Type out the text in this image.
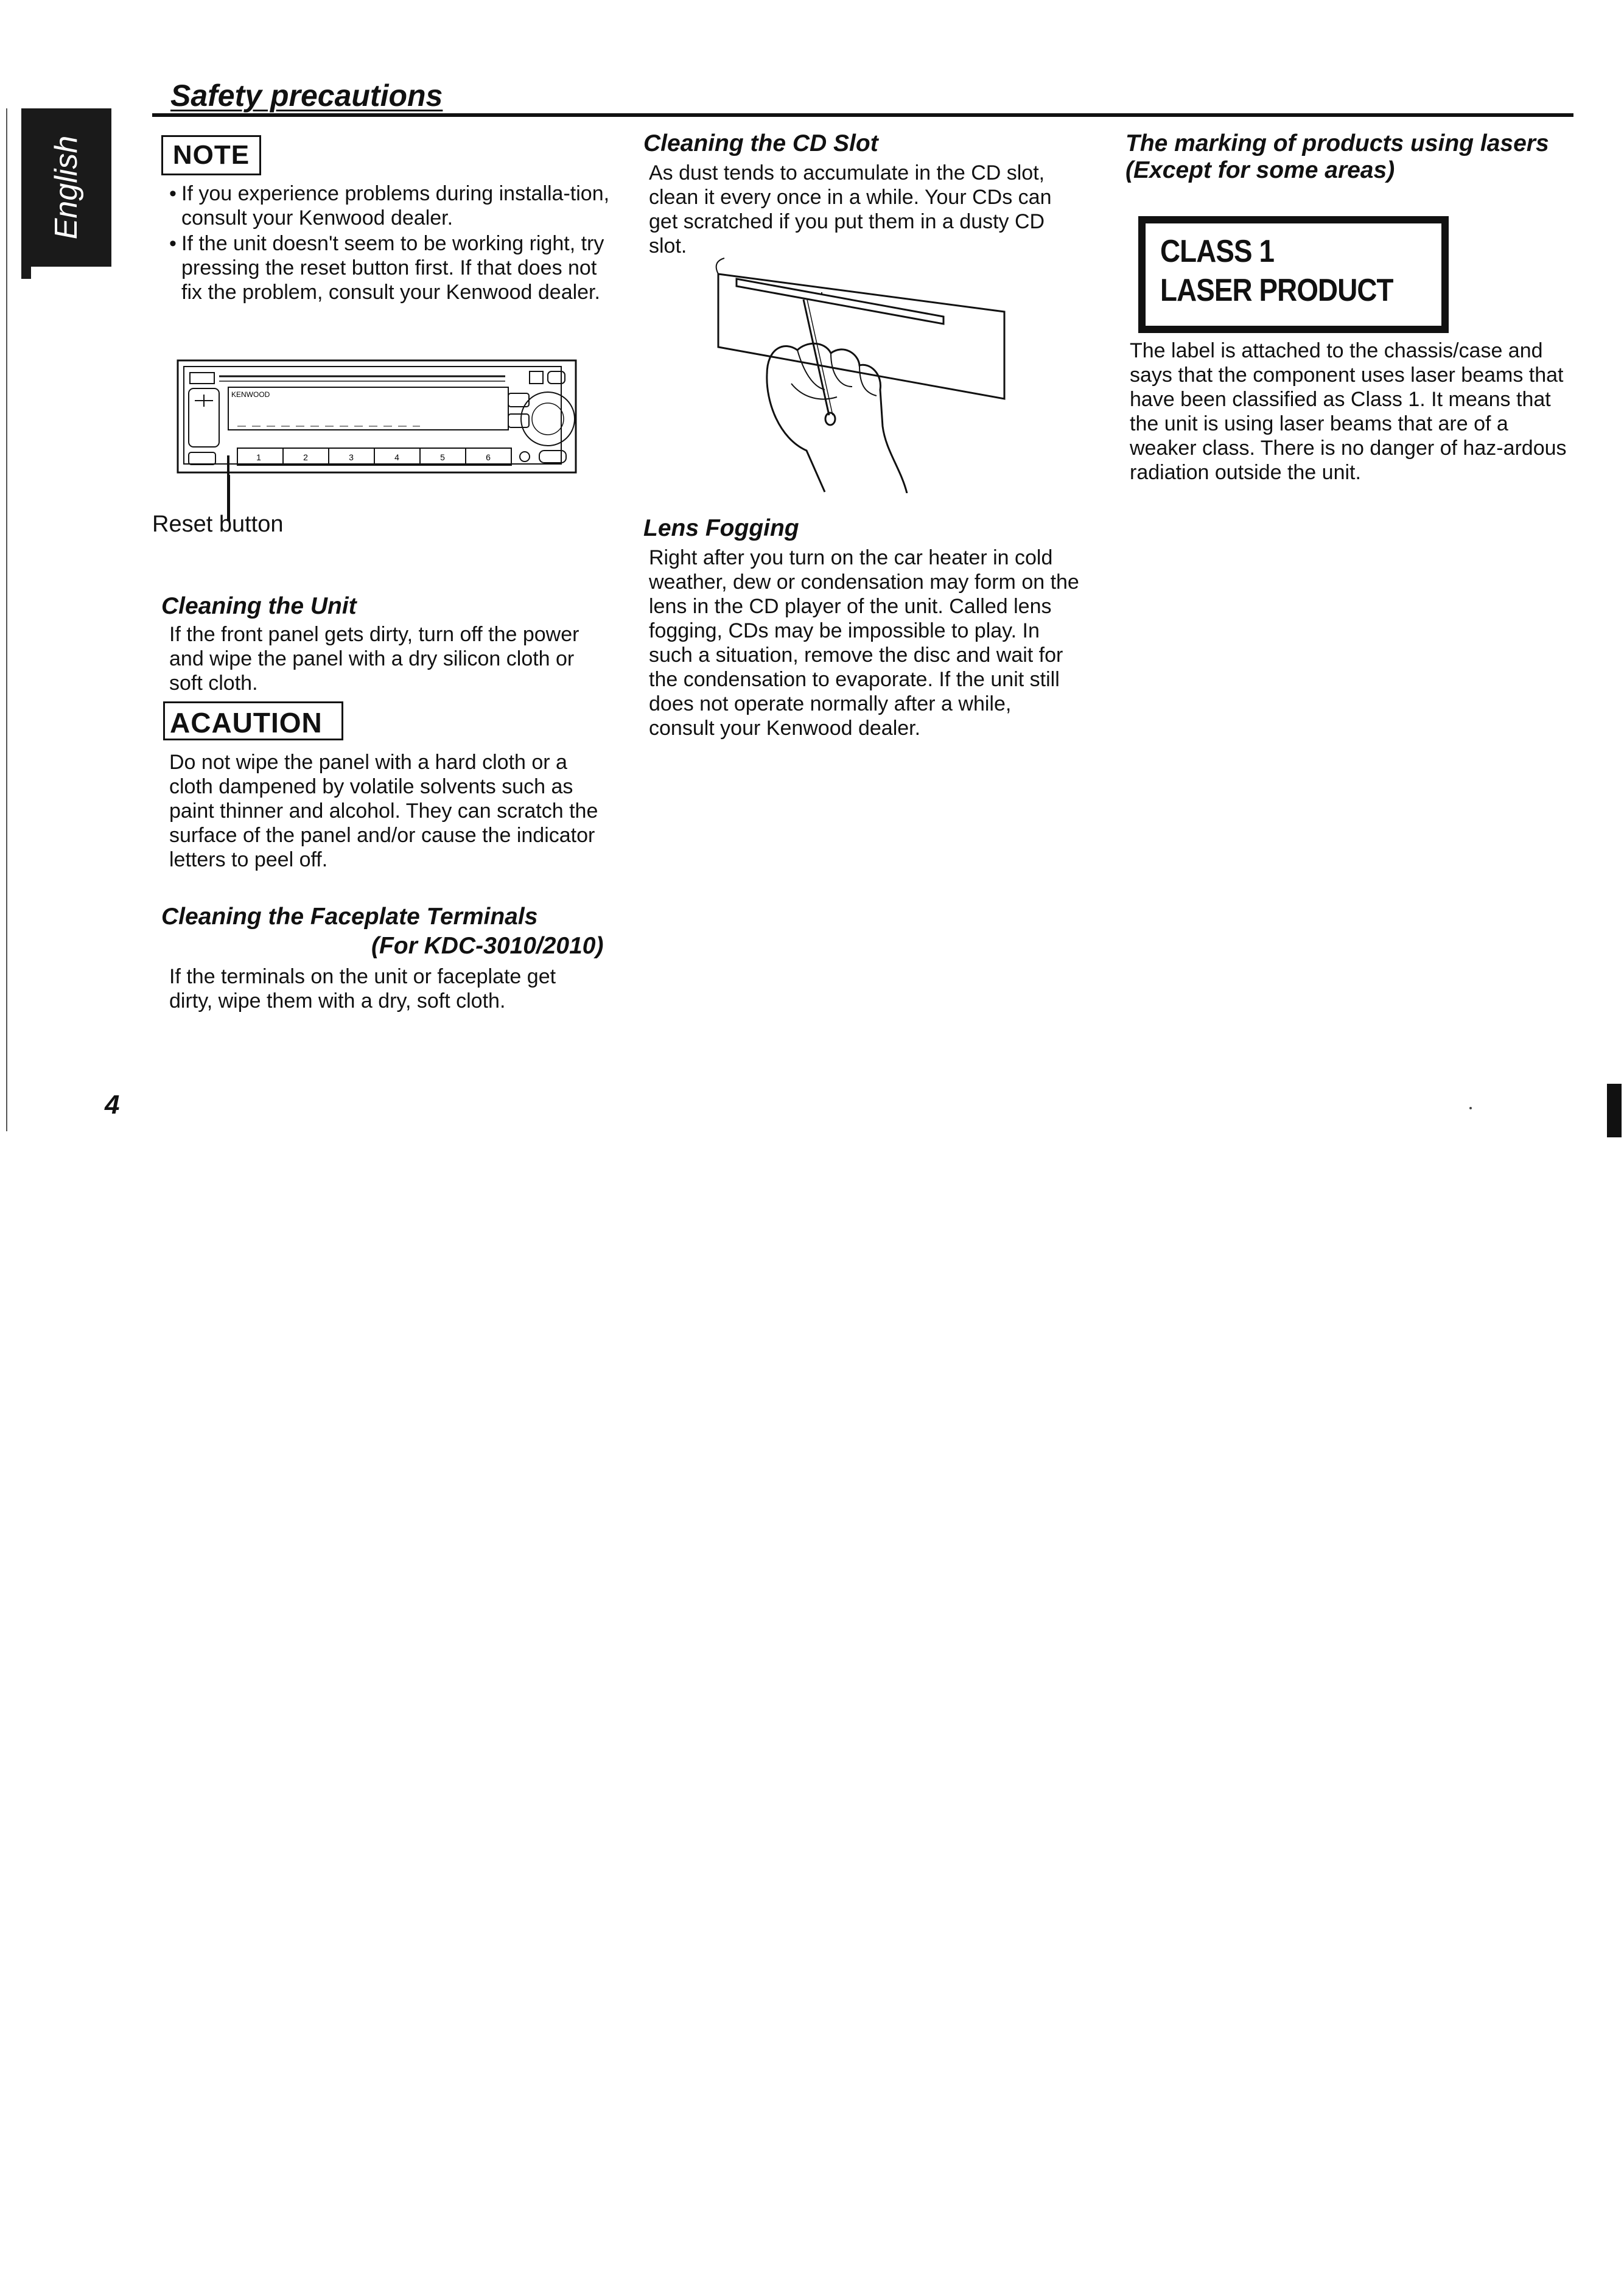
English
Safety precautions
NOTE
• If you experience problems during installa-tion, consult your Kenwood dealer.
• If the unit doesn't seem to be working right, try pressing the reset button first. If that does not fix the problem, consult your Kenwood dealer.
KENWOOD
1	2	3	4	5	6
Reset button
Cleaning the Unit
If the front panel gets dirty, turn off the power and wipe the panel with a dry silicon cloth or soft cloth.
ACAUTION
Do not wipe the panel with a hard cloth or a cloth dampened by volatile solvents such as paint thinner and alcohol. They can scratch the surface of the panel and/or cause the indicator letters to peel off.
Cleaning the Faceplate Terminals
(For KDC-3010/2010)
If the terminals on the unit or faceplate get dirty, wipe them with a dry, soft cloth.
Cleaning the CD Slot
As dust tends to accumulate in the CD slot, clean it every once in a while. Your CDs can get scratched if you put them in a dusty CD slot.
Lens Fogging
Right after you turn on the car heater in cold weather, dew or condensation may form on the lens in the CD player of the unit. Called lens fogging, CDs may be impossible to play. In such a situation, remove the disc and wait for the condensation to evaporate. If the unit still does not operate normally after a while, consult your Kenwood dealer.
The marking of products using lasers
(Except for some areas)
CLASS 1
LASER PRODUCT
The label is attached to the chassis/case and says that the component uses laser beams that have been classified as Class 1. It means that the unit is using laser beams that are of a weaker class. There is no danger of haz-ardous radiation outside the unit.
4
